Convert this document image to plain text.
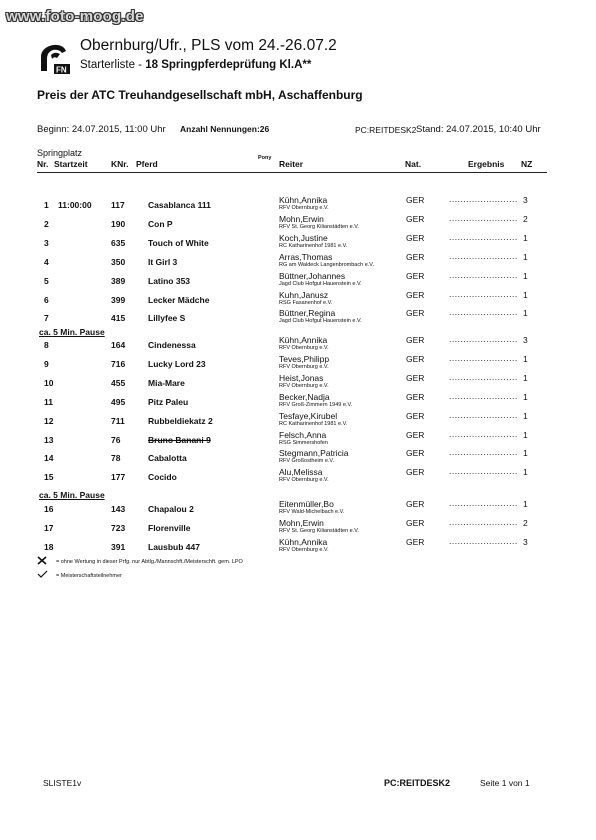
www.foto-moog.de
FN
Obernburg/Ufr., PLS vom 24.-26.07.2
Starterliste - 18 Springpferdeprüfung Kl.A**
Preis der ATC Treuhandgesellschaft mbH, Aschaffenburg
Beginn: 24.07.2015, 11:00 Uhr Anzahl Nennungen:26	PC:REITDESK2 Stand: 24.07.2015, 10:40 Uhr
Springplatz
Nr. Startzeit	KNr. Pferd
Pony
Reiter	Nat.	Ergebnis NZ
1 11:00:00 117	Casablanca 111	Kühn,Annika
RFV Obernburg e.V.
GER	3
........................
2	190	Con P	Mohn,Erwin
RFV St. Georg Kilianstädten e.V.
GER	2
........................
3	635	Touch of White	Koch,Justine
RC Katharinenhof 1981 e.V.
GER	1
........................
4	350	It Girl 3	Arras,Thomas
RG am Waldeck Langenbrombach e.V.
GER	1
........................
5	389	Latino 353	Büttner,Johannes
Jagd Club Hofgut Hauenstein e.V.
GER	1
........................
6	399	Lecker Mädche	Kuhn,Janusz
RSG Fasanenhof e.V.
GER	1
........................
7	415	Lillyfee S	Büttner,Regina
Jagd Club Hofgut Hauenstein e.V.
GER	1
........................
ca. 5 Min. Pause
8	164	Cindenessa	Kühn,Annika
RFV Obernburg e.V.
GER	3
........................
9	716	Lucky Lord 23	Teves,Philipp
RFV Obernburg e.V.
GER	1
........................
10	455	Mia-Mare	Heist,Jonas
RFV Obernburg e.V.
GER	1
........................
11	495	Pitz Paleu	Becker,Nadja
RFV Groß-Zimmern 1949 e.V.
GER	1
........................
12	711	Rubbeldiekatz 2	Tesfaye,Kirubel
RC Katharinenhof 1981 e.V.
GER	1
........................
13	76	Bruno Banani 9	Felsch,Anna
RSG Simmershofen
GER	1
........................
14	78	Cabalotta	Stegmann,Patricia
RFV Großostheim e.V.
GER	1
........................
15	177	Cocido	Alu,Melissa
RFV Obernburg e.V.
GER	1
........................
ca. 5 Min. Pause
16	143	Chapalou 2	Eitenmüller,Bo
RFV Wald-Michelbach e.V.
GER	1
........................
17	723	Florenville	Mohn,Erwin
RFV St. Georg Kilianstädten e.V.
GER	2
........................
18	391	Lausbub 447	Kühn,Annika
RFV Obernburg e.V.
GER	3
........................
= ohne Wertung in dieser Prfg. nur Abtlg./Mannschft./Meisterschft. gem. LPO
= Meisterschaftsteilnehmer
SLISTE1v	PC:REITDESK2	Seite 1 von 1
